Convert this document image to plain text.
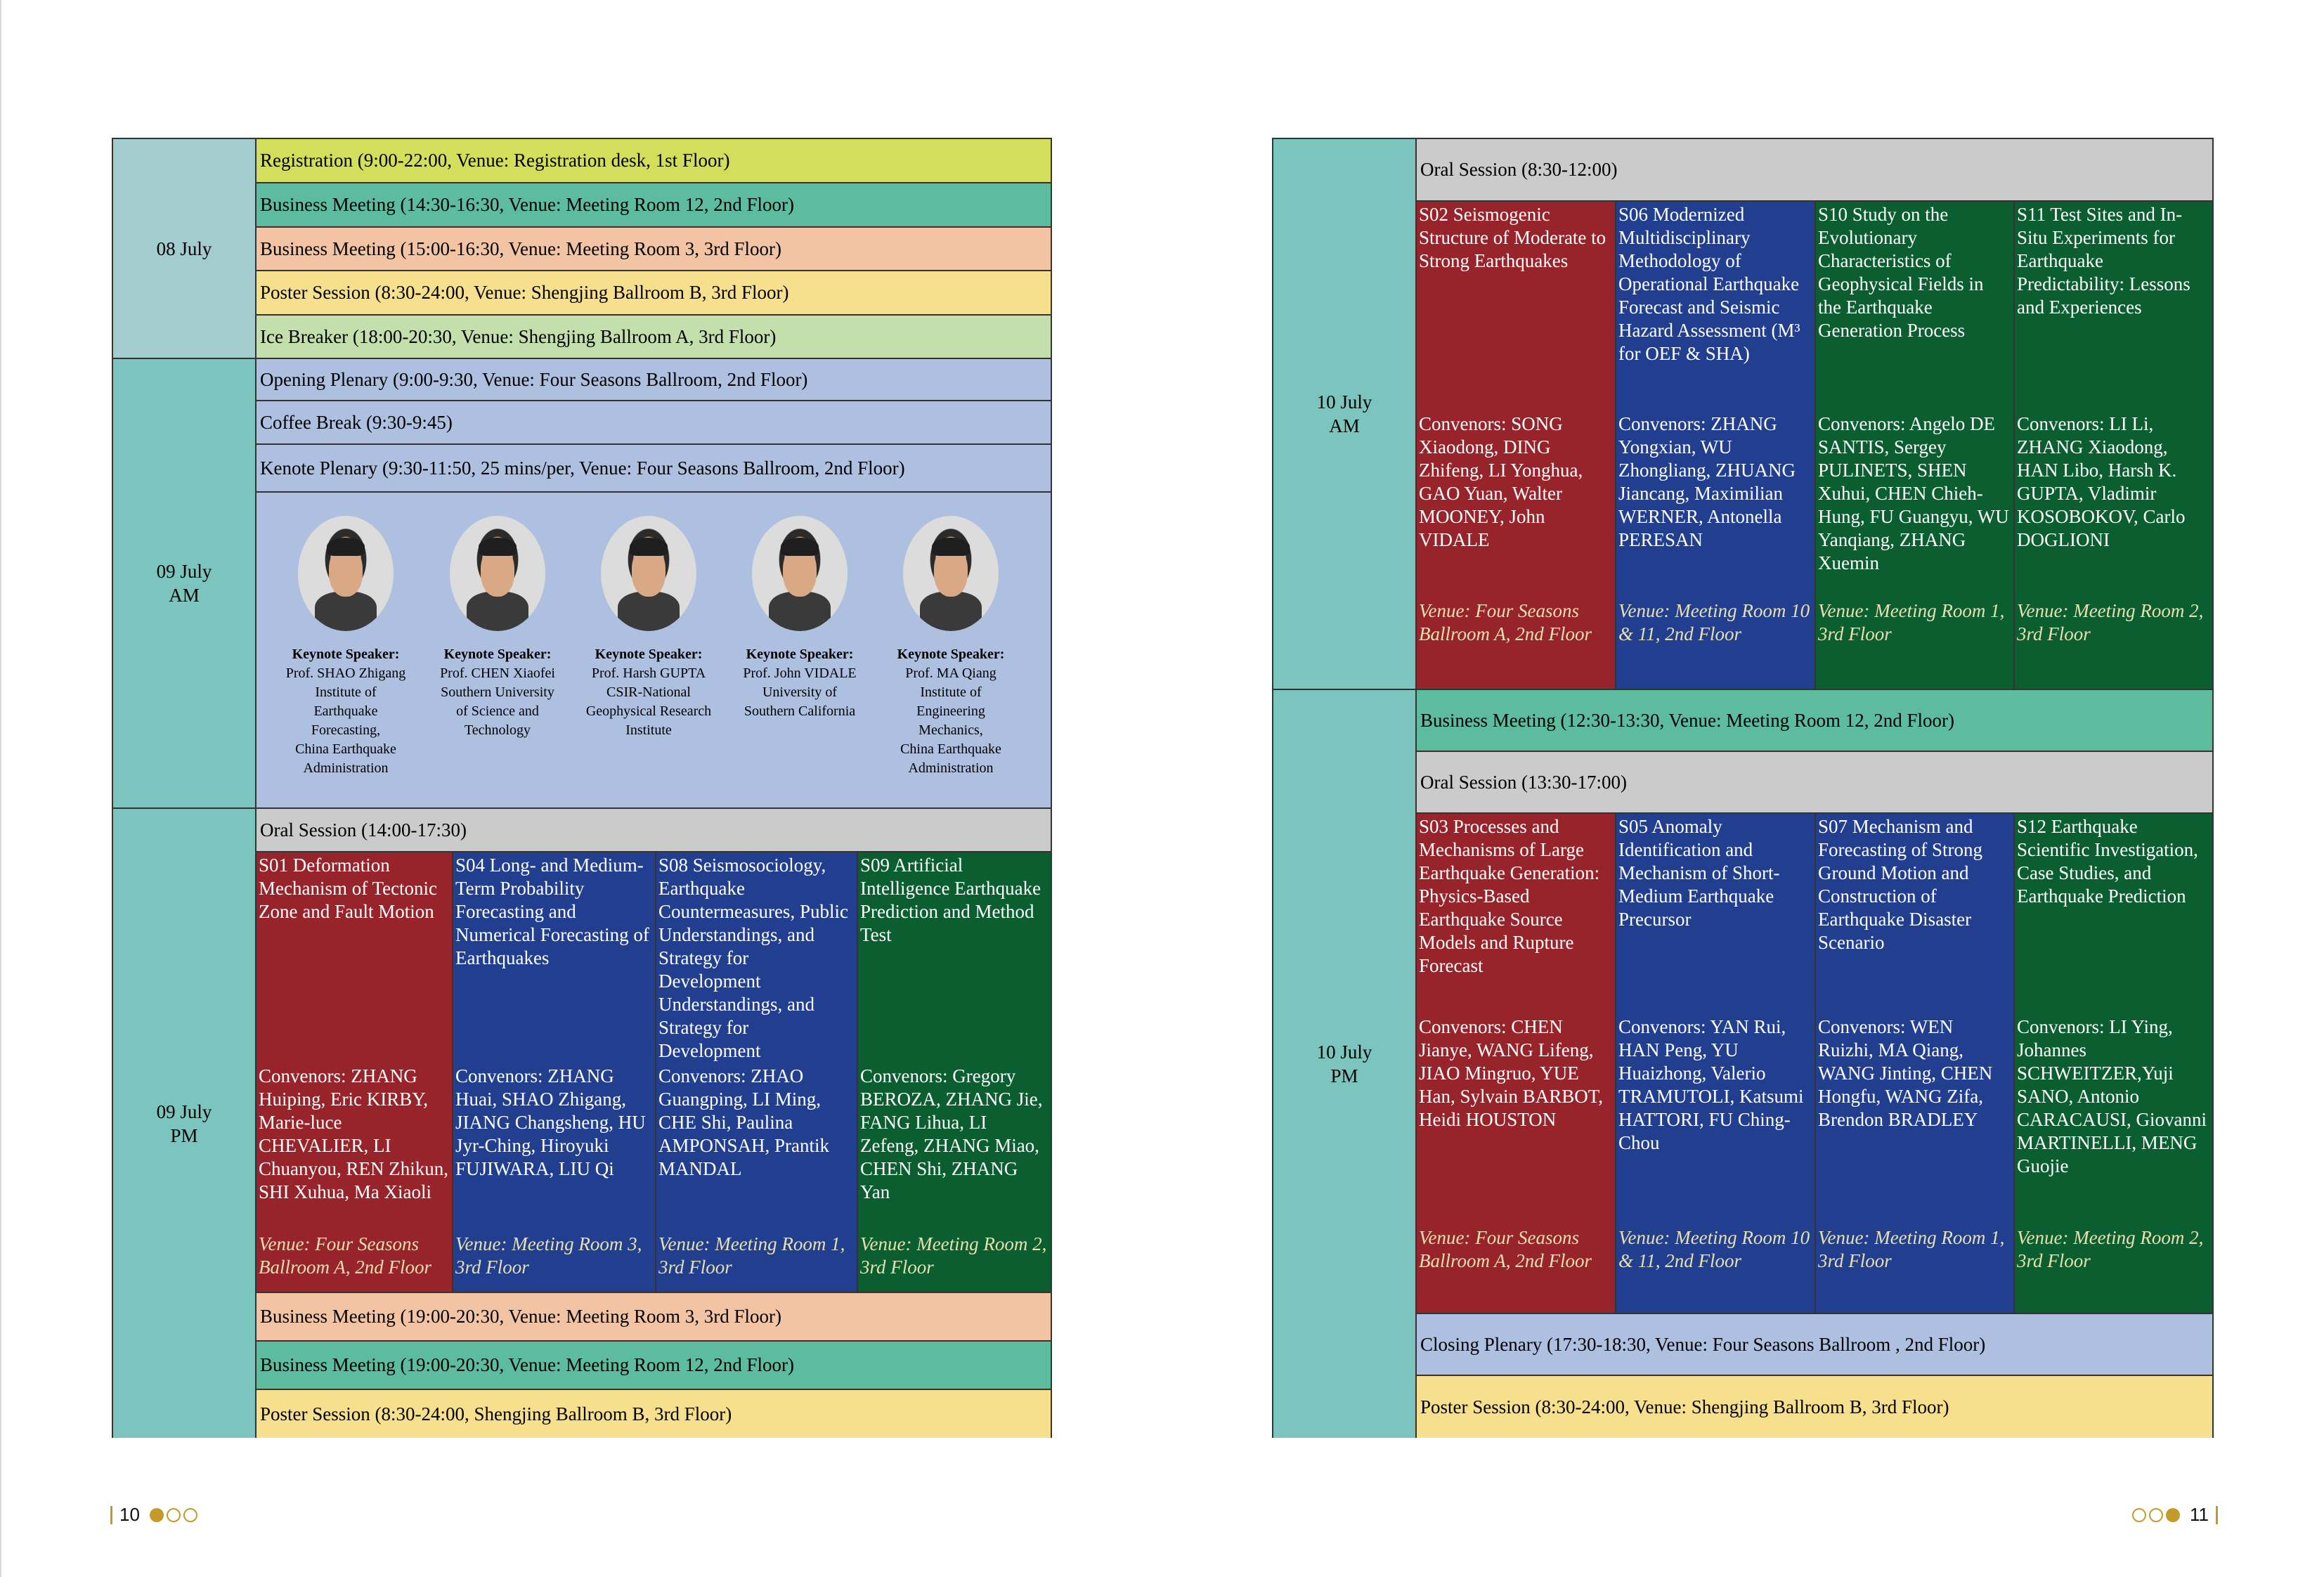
08 July
Registration (9:00-22:00, Venue: Registration desk, 1st Floor)
Business Meeting (14:30-16:30, Venue: Meeting Room 12, 2nd Floor)
Business Meeting (15:00-16:30, Venue: Meeting Room 3, 3rd Floor)
Poster Session (8:30-24:00, Venue: Shengjing Ballroom B, 3rd Floor)
Ice Breaker (18:00-20:30, Venue: Shengjing Ballroom A, 3rd Floor)
09 July
AM
Opening Plenary (9:00-9:30, Venue: Four Seasons Ballroom, 2nd Floor)
Coffee Break (9:30-9:45)
Kenote Plenary (9:30-11:50, 25 mins/per, Venue: Four Seasons Ballroom, 2nd Floor)
Keynote Speaker:
Prof. SHAO Zhigang
Institute of
Earthquake
Forecasting,
China Earthquake
Administration
Keynote Speaker:
Prof. CHEN Xiaofei
Southern University
of Science and
Technology
Keynote Speaker:
Prof. Harsh GUPTA
CSIR-National
Geophysical Research
Institute
Keynote Speaker:
Prof. John VIDALE
University of
Southern California
Keynote Speaker:
Prof. MA Qiang
Institute of
Engineering
Mechanics,
China Earthquake
Administration
09 July
PM
Oral Session (14:00-17:30)
S01 Deformation Mechanism of Tectonic Zone and Fault Motion
Convenors: ZHANG Huiping, Eric KIRBY, Marie-luce CHEVALIER, LI Chuanyou, REN Zhikun, SHI Xuhua, Ma Xiaoli
Venue: Four Seasons Ballroom A, 2nd Floor
S04 Long- and Medium-Term Probability Forecasting and Numerical Forecasting of Earthquakes
Convenors: ZHANG Huai, SHAO Zhigang, JIANG Changsheng, HU Jyr-Ching, Hiroyuki FUJIWARA, LIU Qi
Venue: Meeting Room 3, 3rd Floor
S08 Seismosociology, Earthquake Countermeasures, Public Understandings, and Strategy for Development Understandings, and Strategy for Development
Convenors: ZHAO Guangping, LI Ming, CHE Shi, Paulina AMPONSAH, Prantik MANDAL
Venue: Meeting Room 1, 3rd Floor
S09 Artificial Intelligence Earthquake Prediction and Method Test
Convenors: Gregory BEROZA, ZHANG Jie, FANG Lihua, LI Zefeng, ZHANG Miao, CHEN Shi, ZHANG Yan
Venue: Meeting Room 2, 3rd Floor
Business Meeting (19:00-20:30, Venue: Meeting Room 3, 3rd Floor)
Business Meeting (19:00-20:30, Venue: Meeting Room 12, 2nd Floor)
Poster Session (8:30-24:00, Shengjing Ballroom B, 3rd Floor)
10
10 July
AM
Oral Session (8:30-12:00)
S02 Seismogenic Structure of Moderate to Strong Earthquakes
Convenors: SONG Xiaodong, DING Zhifeng, LI Yonghua, GAO Yuan, Walter MOONEY, John VIDALE
Venue: Four Seasons Ballroom A, 2nd Floor
S06 Modernized Multidisciplinary Methodology of Operational Earthquake Forecast and Seismic Hazard Assessment (M³ for OEF & SHA)
Convenors: ZHANG Yongxian, WU Zhongliang, ZHUANG Jiancang, Maximilian WERNER, Antonella PERESAN
Venue: Meeting Room 10 & 11, 2nd Floor
S10 Study on the Evolutionary Characteristics of Geophysical Fields in the Earthquake Generation Process
Convenors: Angelo DE SANTIS, Sergey PULINETS, SHEN Xuhui, CHEN Chieh-Hung, FU Guangyu, WU Yanqiang, ZHANG Xuemin
Venue: Meeting Room 1, 3rd Floor
S11 Test Sites and In-Situ Experiments for Earthquake Predictability: Lessons and Experiences
Convenors: LI Li, ZHANG Xiaodong, HAN Libo, Harsh K. GUPTA, Vladimir KOSOBOKOV, Carlo DOGLIONI
Venue: Meeting Room 2, 3rd Floor
10 July
PM
Business Meeting (12:30-13:30, Venue: Meeting Room 12, 2nd Floor)
Oral Session (13:30-17:00)
S03 Processes and Mechanisms of Large Earthquake Generation: Physics-Based Earthquake Source Models and Rupture Forecast
Convenors: CHEN Jianye, WANG Lifeng, JIAO Mingruo, YUE Han, Sylvain BARBOT, Heidi HOUSTON
Venue: Four Seasons Ballroom A, 2nd Floor
S05 Anomaly Identification and Mechanism of Short-Medium Earthquake Precursor
Convenors: YAN Rui, HAN Peng, YU Huaizhong, Valerio TRAMUTOLI, Katsumi HATTORI, FU Ching-Chou
Venue: Meeting Room 10 & 11, 2nd Floor
S07 Mechanism and Forecasting of Strong Ground Motion and Construction of Earthquake Disaster Scenario
Convenors: WEN Ruizhi, MA Qiang, WANG Jinting, CHEN Hongfu, WANG Zifa, Brendon BRADLEY
Venue: Meeting Room 1, 3rd Floor
S12 Earthquake Scientific Investigation, Case Studies, and Earthquake Prediction
Convenors: LI Ying, Johannes SCHWEITZER,Yuji SANO, Antonio CARACAUSI, Giovanni MARTINELLI, MENG Guojie
Venue: Meeting Room 2, 3rd Floor
Closing Plenary (17:30-18:30, Venue: Four Seasons Ballroom , 2nd Floor)
Poster Session (8:30-24:00, Venue: Shengjing Ballroom B, 3rd Floor)
11
